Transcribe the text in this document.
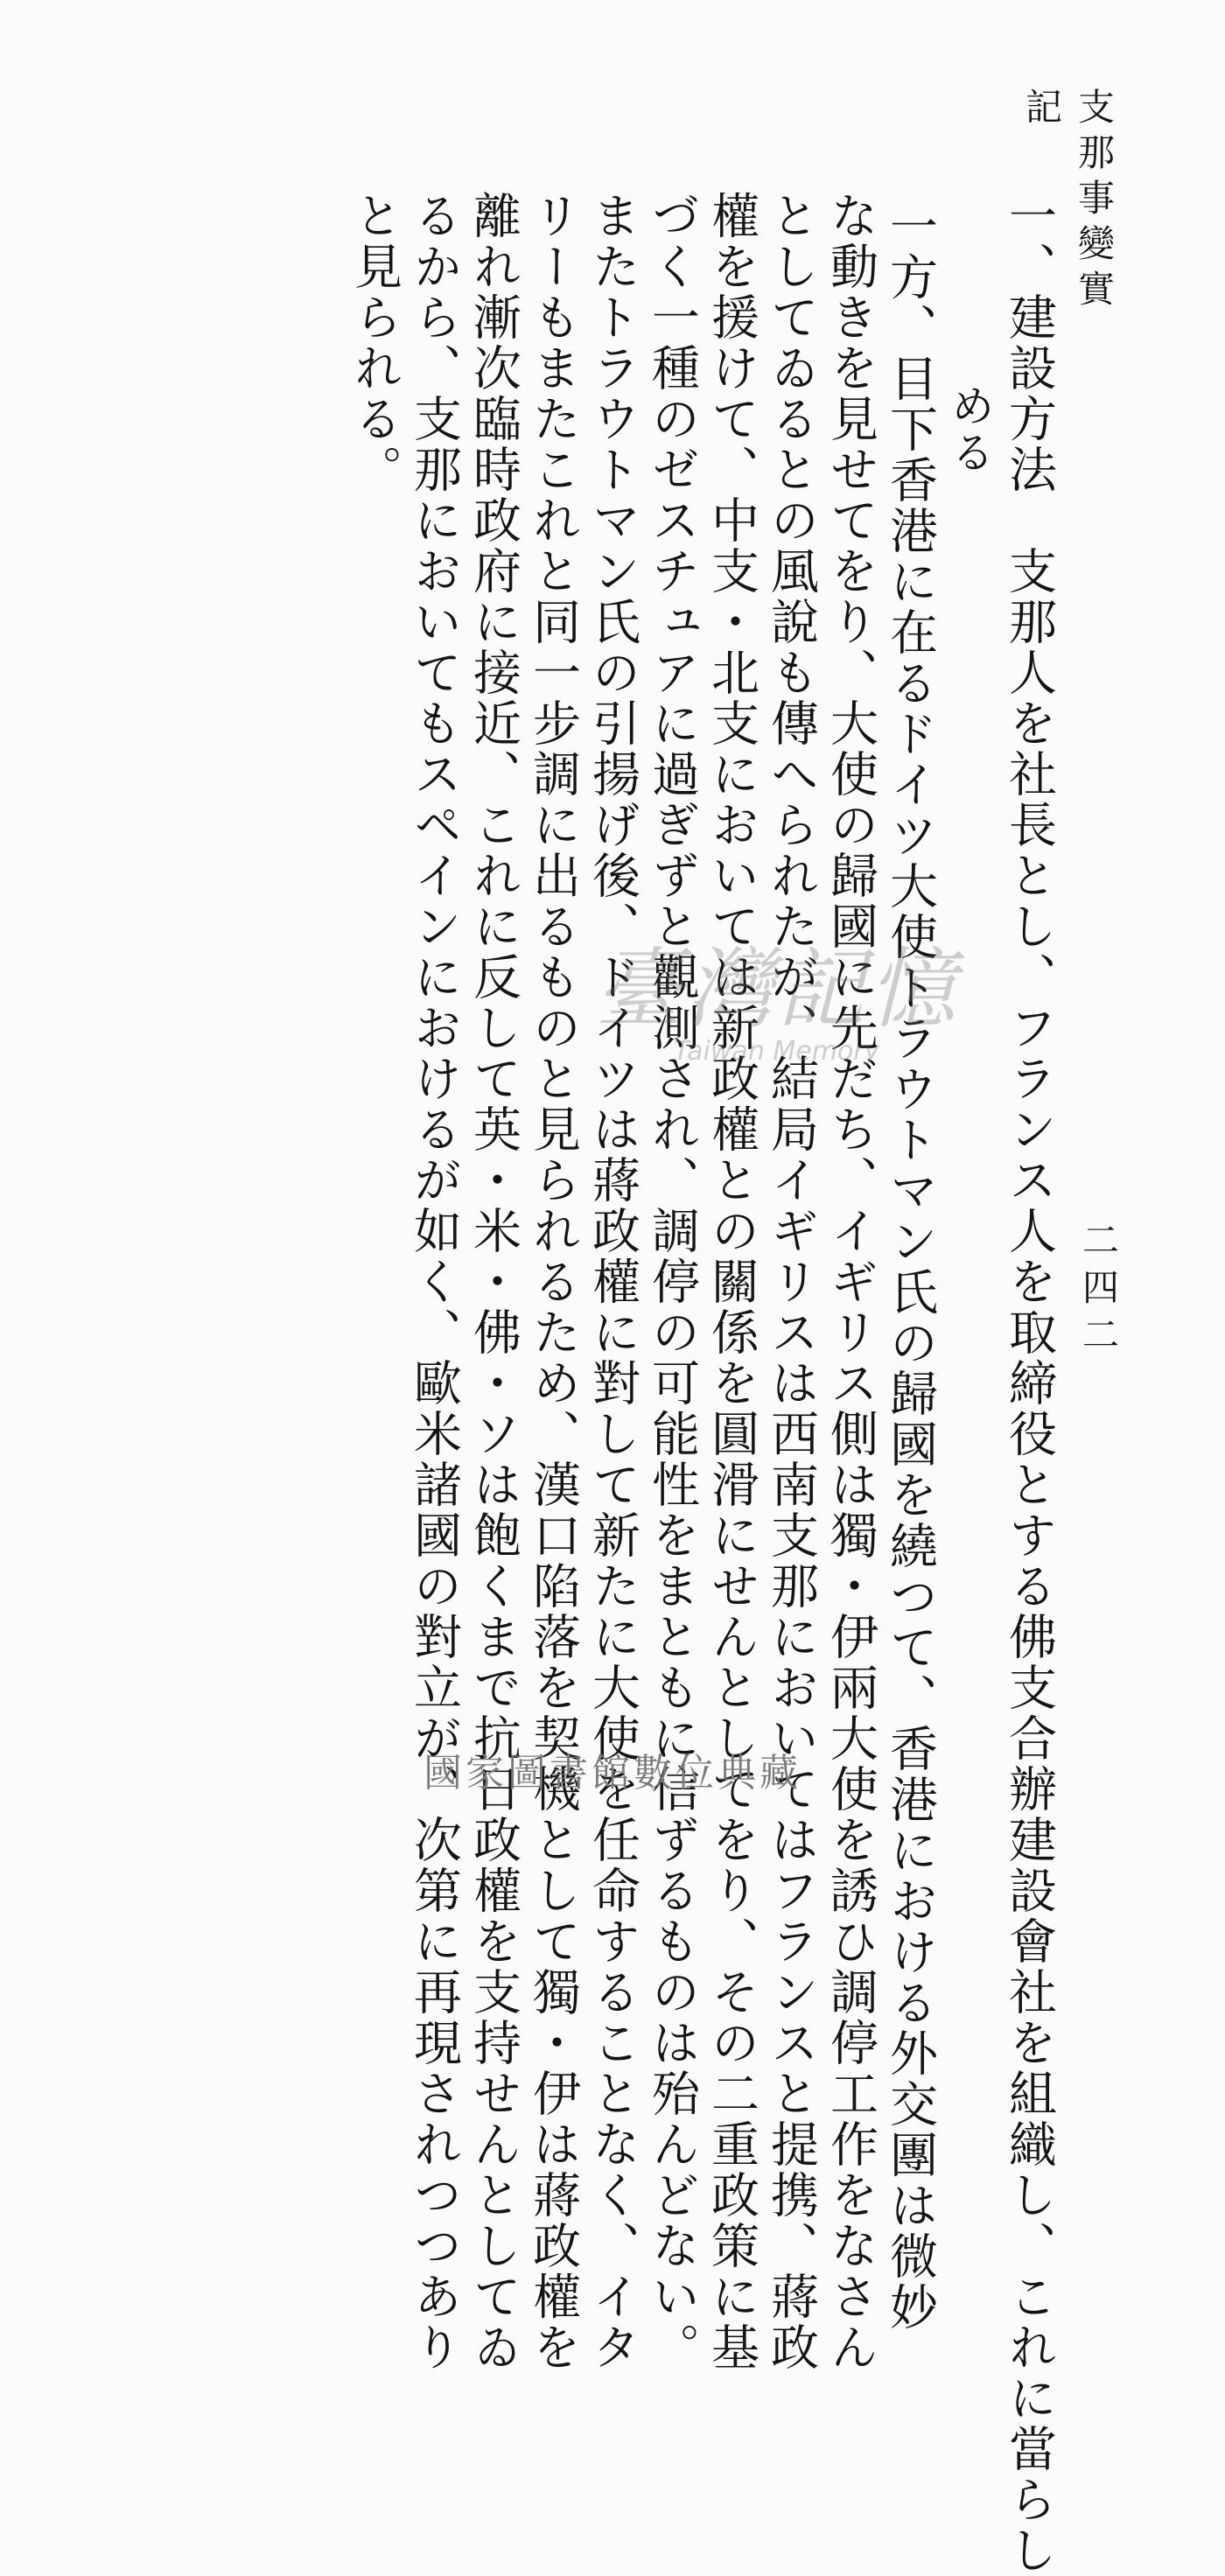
支那事變實記
二四二
一、建設方法　支那人を社長とし、フランス人を取締役とする佛支合辦建設會社を組織し、これに當らし
める
一方、目下香港に在るドイツ大使トラウトマン氏の歸國を繞つて、香港における外交團は微妙
な動きを見せてをり、大使の歸國に先だち、イギリス側は獨・伊兩大使を誘ひ調停工作をなさん
としてゐるとの風說も傳へられたが、結局イギリスは西南支那においてはフランスと提携、蔣政
權を援けて、中支・北支においては新政權との關係を圓滑にせんとしてをり、その二重政策に基
づく一種のゼスチュアに過ぎずと觀測され、調停の可能性をまともに信ずるものは殆んどない。
またトラウトマン氏の引揚げ後、ドイツは蔣政權に對して新たに大使を任命することなく、イタ
リーもまたこれと同一步調に出るものと見られるため、漢口陷落を契機として獨・伊は蔣政權を
離れ漸次臨時政府に接近、これに反して英・米・佛・ソは飽くまで抗日政權を支持せんとしてゐ
るから、支那においてもスペインにおけるが如く、歐米諸國の對立が、次第に再現されつつあり
と見られる。
臺灣記憶
Taiwan Memory
國家圖書館數位典藏
